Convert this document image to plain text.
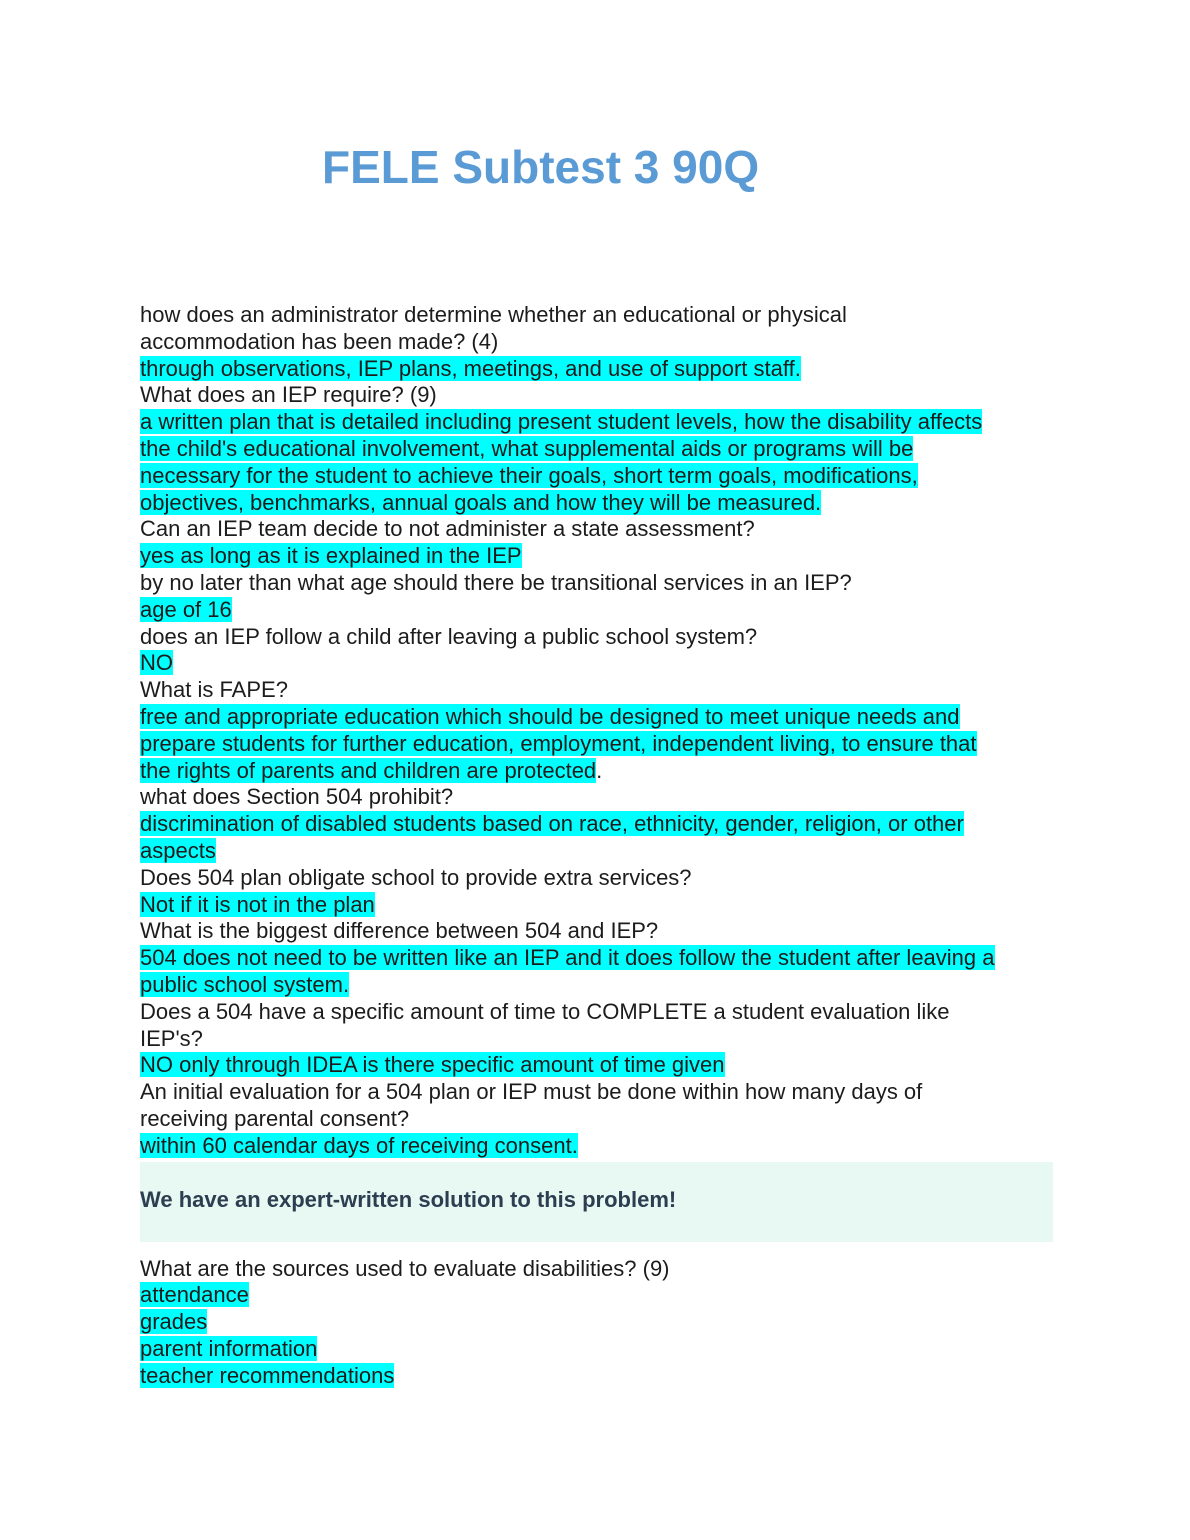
FELE Subtest 3 90Q
how does an administrator determine whether an educational or physical
accommodation has been made? (4)
through observations, IEP plans, meetings, and use of support staff.
What does an IEP require? (9)
a written plan that is detailed including present student levels, how the disability affects
the child's educational involvement, what supplemental aids or programs will be
necessary for the student to achieve their goals, short term goals, modifications,
objectives, benchmarks, annual goals and how they will be measured.
Can an IEP team decide to not administer a state assessment?
yes as long as it is explained in the IEP
by no later than what age should there be transitional services in an IEP?
age of 16
does an IEP follow a child after leaving a public school system?
NO
What is FAPE?
free and appropriate education which should be designed to meet unique needs and
prepare students for further education, employment, independent living, to ensure that
the rights of parents and children are protected.
what does Section 504 prohibit?
discrimination of disabled students based on race, ethnicity, gender, religion, or other
aspects
Does 504 plan obligate school to provide extra services?
Not if it is not in the plan
What is the biggest difference between 504 and IEP?
504 does not need to be written like an IEP and it does follow the student after leaving a
public school system.
Does a 504 have a specific amount of time to COMPLETE a student evaluation like
IEP's?
NO only through IDEA is there specific amount of time given
An initial evaluation for a 504 plan or IEP must be done within how many days of
receiving parental consent?
within 60 calendar days of receiving consent.
We have an expert-written solution to this problem!
What are the sources used to evaluate disabilities? (9)
attendance
grades
parent information
teacher recommendations
